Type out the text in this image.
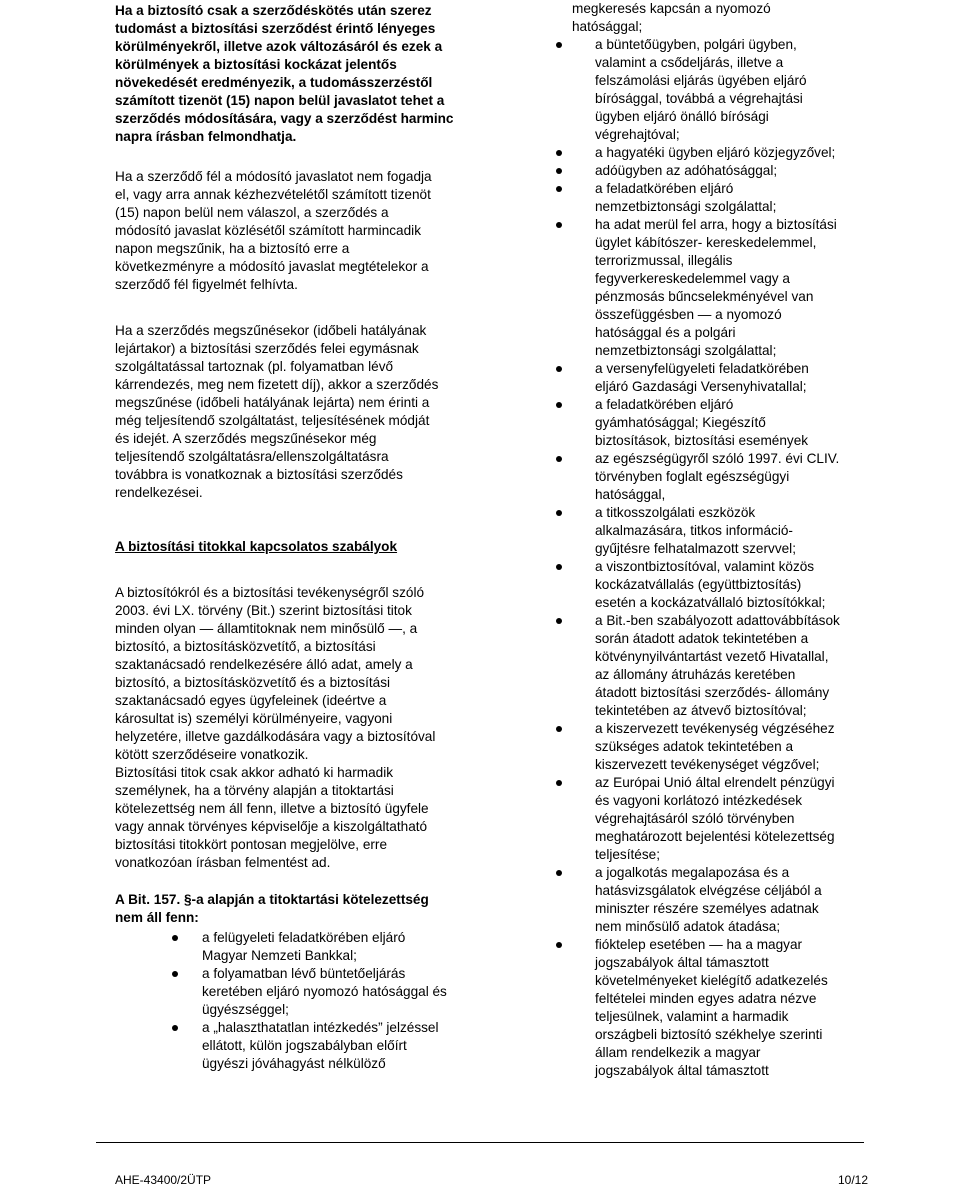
Ha a biztosító csak a szerződéskötés után szerez
tudomást a biztosítási szerződést érintő lényeges
körülményekről, illetve azok változásáról és ezek a
körülmények a biztosítási kockázat jelentős
növekedését eredményezik, a tudomásszerzéstől
számított tizenöt (15) napon belül javaslatot tehet a
szerződés módosítására, vagy a szerződést harminc
napra írásban felmondhatja.
Ha a szerződő fél a módosító javaslatot nem fogadja
el, vagy arra annak kézhezvételétől számított tizenöt
(15) napon belül nem válaszol, a szerződés a
módosító javaslat közlésétől számított harmincadik
napon megszűnik, ha a biztosító erre a
következményre a módosító javaslat megtételekor a
szerződő fél figyelmét felhívta.
Ha a szerződés megszűnésekor (időbeli hatályának
lejártakor) a biztosítási szerződés felei egymásnak
szolgáltatással tartoznak (pl. folyamatban lévő
kárrendezés, meg nem fizetett díj), akkor a szerződés
megszűnése (időbeli hatályának lejárta) nem érinti a
még teljesítendő szolgáltatást, teljesítésének módját
és idejét. A szerződés megszűnésekor még
teljesítendő szolgáltatásra/ellenszolgáltatásra
továbbra is vonatkoznak a biztosítási szerződés
rendelkezései.

A biztosítási titokkal kapcsolatos szabályok

A biztosítókról és a biztosítási tevékenységről szóló
2003. évi LX. törvény (Bit.) szerint biztosítási titok
minden olyan — államtitoknak nem minősülő —, a
biztosító, a biztosításközvetítő, a biztosítási
szaktanácsadó rendelkezésére álló adat, amely a
biztosító, a biztosításközvetítő és a biztosítási
szaktanácsadó egyes ügyfeleinek (ideértve a
károsultat is) személyi körülményeire, vagyoni
helyzetére, illetve gazdálkodására vagy a biztosítóval
kötött szerződéseire vonatkozik.
Biztosítási titok csak akkor adható ki harmadik
személynek, ha a törvény alapján a titoktartási
kötelezettség nem áll fenn, illetve a biztosító ügyfele
vagy annak törvényes képviselője a kiszolgáltatható
biztosítási titokkört pontosan megjelölve, erre
vonatkozóan írásban felmentést ad.
A Bit. 157. §-a alapján a titoktartási kötelezettség
nem áll fenn:
a felügyeleti feladatkörében eljáró
Magyar Nemzeti Bankkal;
a folyamatban lévő büntetőeljárás
keretében eljáró nyomozó hatósággal és
ügyészséggel;
a „halaszthatatlan intézkedés” jelzéssel
ellátott, külön jogszabályban előírt
ügyészi jóváhagyást nélkülöző
megkeresés kapcsán a nyomozó
hatósággal;
a büntetőügyben, polgári ügyben,
valamint a csődeljárás, illetve a
felszámolási eljárás ügyében eljáró
bírósággal, továbbá a végrehajtási
ügyben eljáró önálló bírósági
végrehajtóval;
a hagyatéki ügyben eljáró közjegyzővel;
adóügyben az adóhatósággal;
a feladatkörében eljáró
nemzetbiztonsági szolgálattal;
ha adat merül fel arra, hogy a biztosítási
ügylet kábítószer- kereskedelemmel,
terrorizmussal, illegális
fegyverkereskedelemmel vagy a
pénzmosás bűncselekményével van
összefüggésben — a nyomozó
hatósággal és a polgári
nemzetbiztonsági szolgálattal;
a versenyfelügyeleti feladatkörében
eljáró Gazdasági Versenyhivatallal;
a feladatkörében eljáró
gyámhatósággal; Kiegészítő
biztosítások, biztosítási események
az egészségügyről szóló 1997. évi CLIV.
törvényben foglalt egészségügyi
hatósággal,
a titkosszolgálati eszközök
alkalmazására, titkos információ-
gyűjtésre felhatalmazott szervvel;
a viszontbiztosítóval, valamint közös
kockázatvállalás (együttbiztosítás)
esetén a kockázatvállaló biztosítókkal;
a Bit.-ben szabályozott adattovábbítások
során átadott adatok tekintetében a
kötvénynyilvántartást vezető Hivatallal,
az állomány átruházás keretében
átadott biztosítási szerződés- állomány
tekintetében az átvevő biztosítóval;
a kiszervezett tevékenység végzéséhez
szükséges adatok tekintetében a
kiszervezett tevékenységet végzővel;
az Európai Unió által elrendelt pénzügyi
és vagyoni korlátozó intézkedések
végrehajtásáról szóló törvényben
meghatározott bejelentési kötelezettség
teljesítése;
a jogalkotás megalapozása és a
hatásvizsgálatok elvégzése céljából a
miniszter részére személyes adatnak
nem minősülő adatok átadása;
fióktelep esetében — ha a magyar
jogszabályok által támasztott
követelményeket kielégítő adatkezelés
feltételei minden egyes adatra nézve
teljesülnek, valamint a harmadik
országbeli biztosító székhelye szerinti
állam rendelkezik a magyar
jogszabályok által támasztott
AHE-43400/2ÜTP	10/12
